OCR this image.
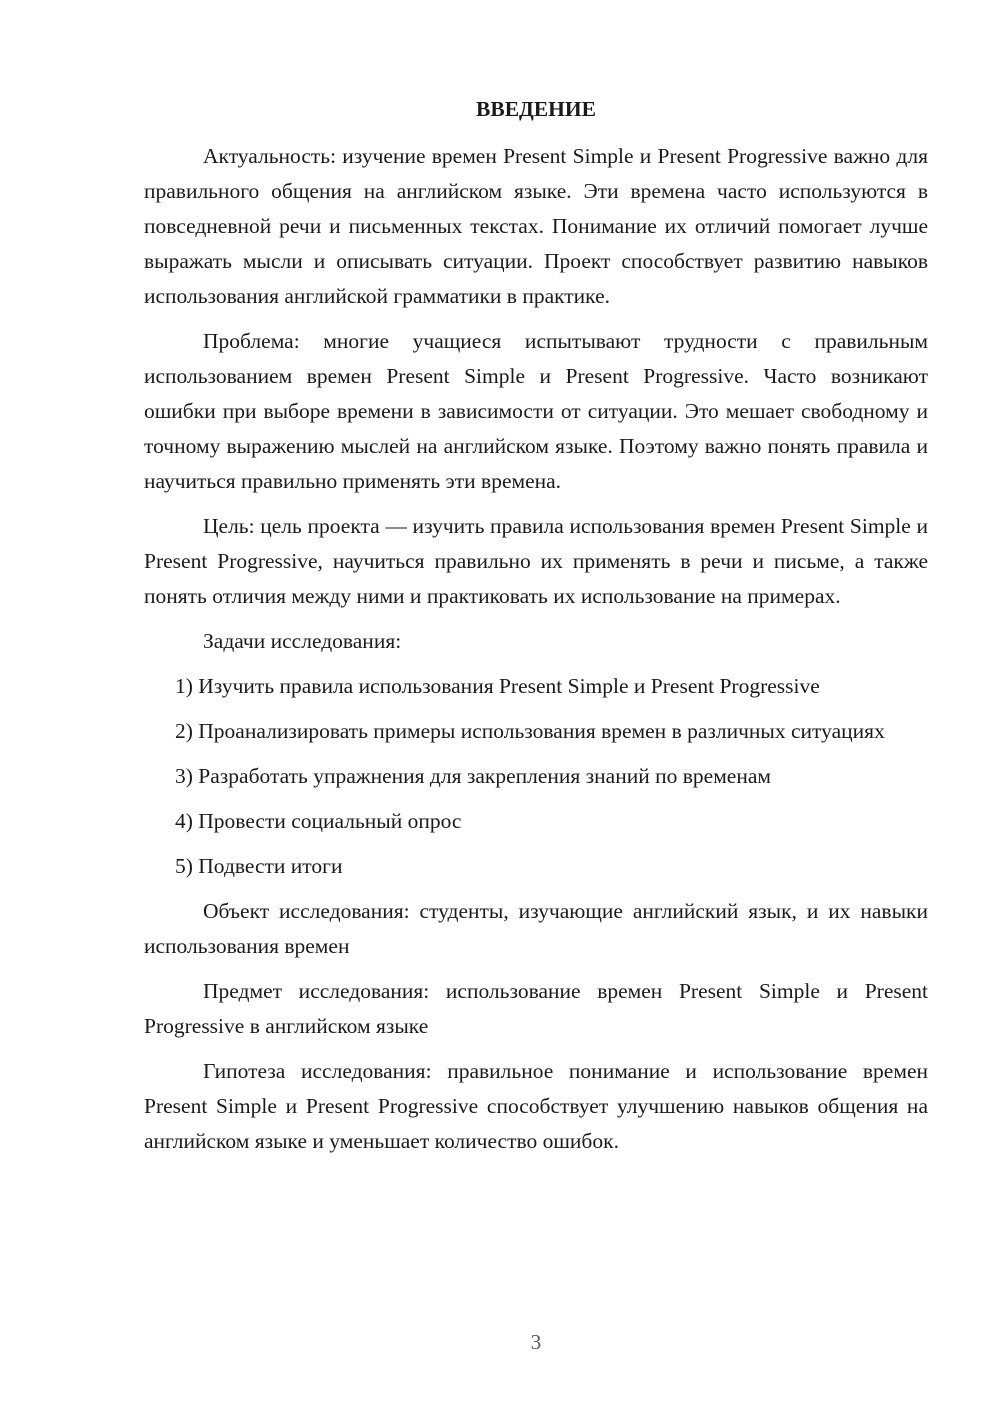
ВВЕДЕНИЕ

Актуальность: изучение времен Present Simple и Present Progressive важно для правильного общения на английском языке. Эти времена часто используются в повседневной речи и письменных текстах. Понимание их отличий помогает лучше выражать мысли и описывать ситуации. Проект способствует развитию навыков использования английской грамматики в практике.

Проблема: многие учащиеся испытывают трудности с правильным использованием времен Present Simple и Present Progressive. Часто возникают ошибки при выборе времени в зависимости от ситуации. Это мешает свободному и точному выражению мыслей на английском языке. Поэтому важно понять правила и научиться правильно применять эти времена.

Цель: цель проекта — изучить правила использования времен Present Simple и Present Progressive, научиться правильно их применять в речи и письме, а также понять отличия между ними и практиковать их использование на примерах.

Задачи исследования:

1) Изучить правила использования Present Simple и Present Progressive

2) Проанализировать примеры использования времен в различных ситуациях

3) Разработать упражнения для закрепления знаний по временам

4) Провести социальный опрос

5) Подвести итоги

Объект исследования: студенты, изучающие английский язык, и их навыки использования времен

Предмет исследования: использование времен Present Simple и Present Progressive в английском языке

Гипотеза исследования: правильное понимание и использование времен Present Simple и Present Progressive способствует улучшению навыков общения на английском языке и уменьшает количество ошибок.

3
